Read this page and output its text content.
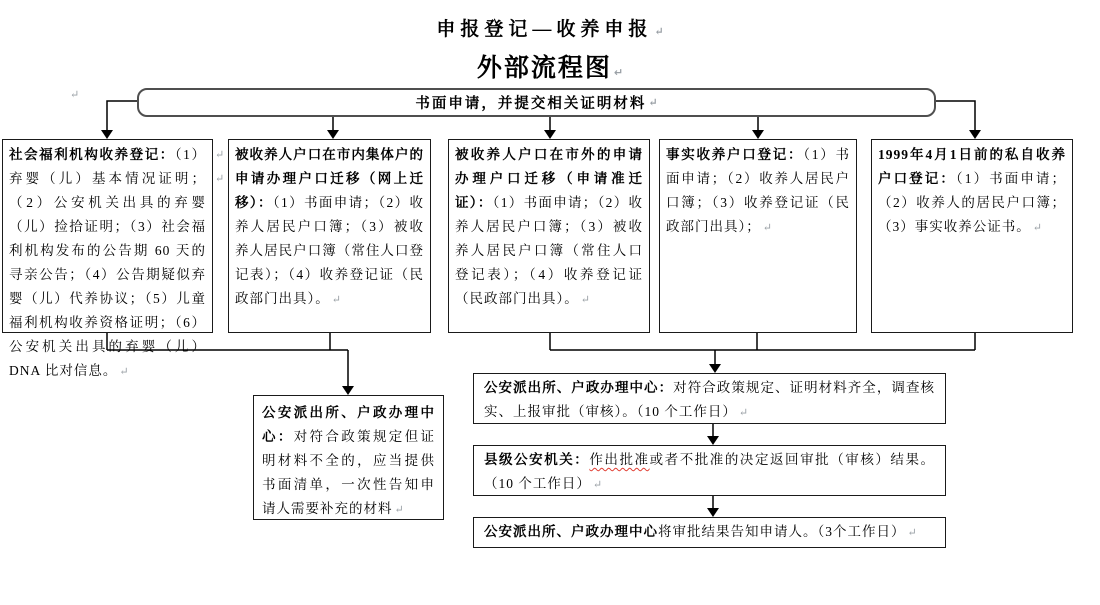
申报登记—收养申报 ↵
外部流程图 ↵
↵
↵
↵
书面申请，并提交相关证明材料 ↵
社会福利机构收养登记：（1）弃婴（儿）基本情况证明；（2）公安机关出具的弃婴（儿）捡拾证明；（3）社会福利机构发布的公告期 60 天的寻亲公告；（4）公告期疑似弃婴（儿）代养协议；（5）儿童福利机构收养资格证明；（6）公安机关出具的弃婴（儿）DNA 比对信息。 ↵
被收养人户口在市内集体户的申请办理户口迁移（网上迁移）：（1）书面申请；（2）收养人居民户口簿；（3）被收养人居民户口簿（常住人口登记表）；（4）收养登记证（民政部门出具）。 ↵
被收养人户口在市外的申请办理户口迁移（申请准迁证）：（1）书面申请；（2）收养人居民户口簿；（3）被收养人居民户口簿（常住人口登记表）；（4）收养登记证（民政部门出具）。 ↵
事实收养户口登记：（1）书面申请；（2）收养人居民户口簿；（3）收养登记证（民政部门出具）； ↵
1999年4月1日前的私自收养户口登记：（1）书面申请；（2）收养人的居民户口簿；（3）事实收养公证书。 ↵
公安派出所、户政办理中心：对符合政策规定但证明材料不全的，应当提供书面清单，一次性告知申请人需要补充的材料 ↵
公安派出所、户政办理中心：对符合政策规定、证明材料齐全，调查核实、上报审批（审核）。（10 个工作日） ↵
县级公安机关：作出批准或者不批准的决定返回审批（审核）结果。（10 个工作日） ↵
公安派出所、户政办理中心将审批结果告知申请人。（3个工作日） ↵
